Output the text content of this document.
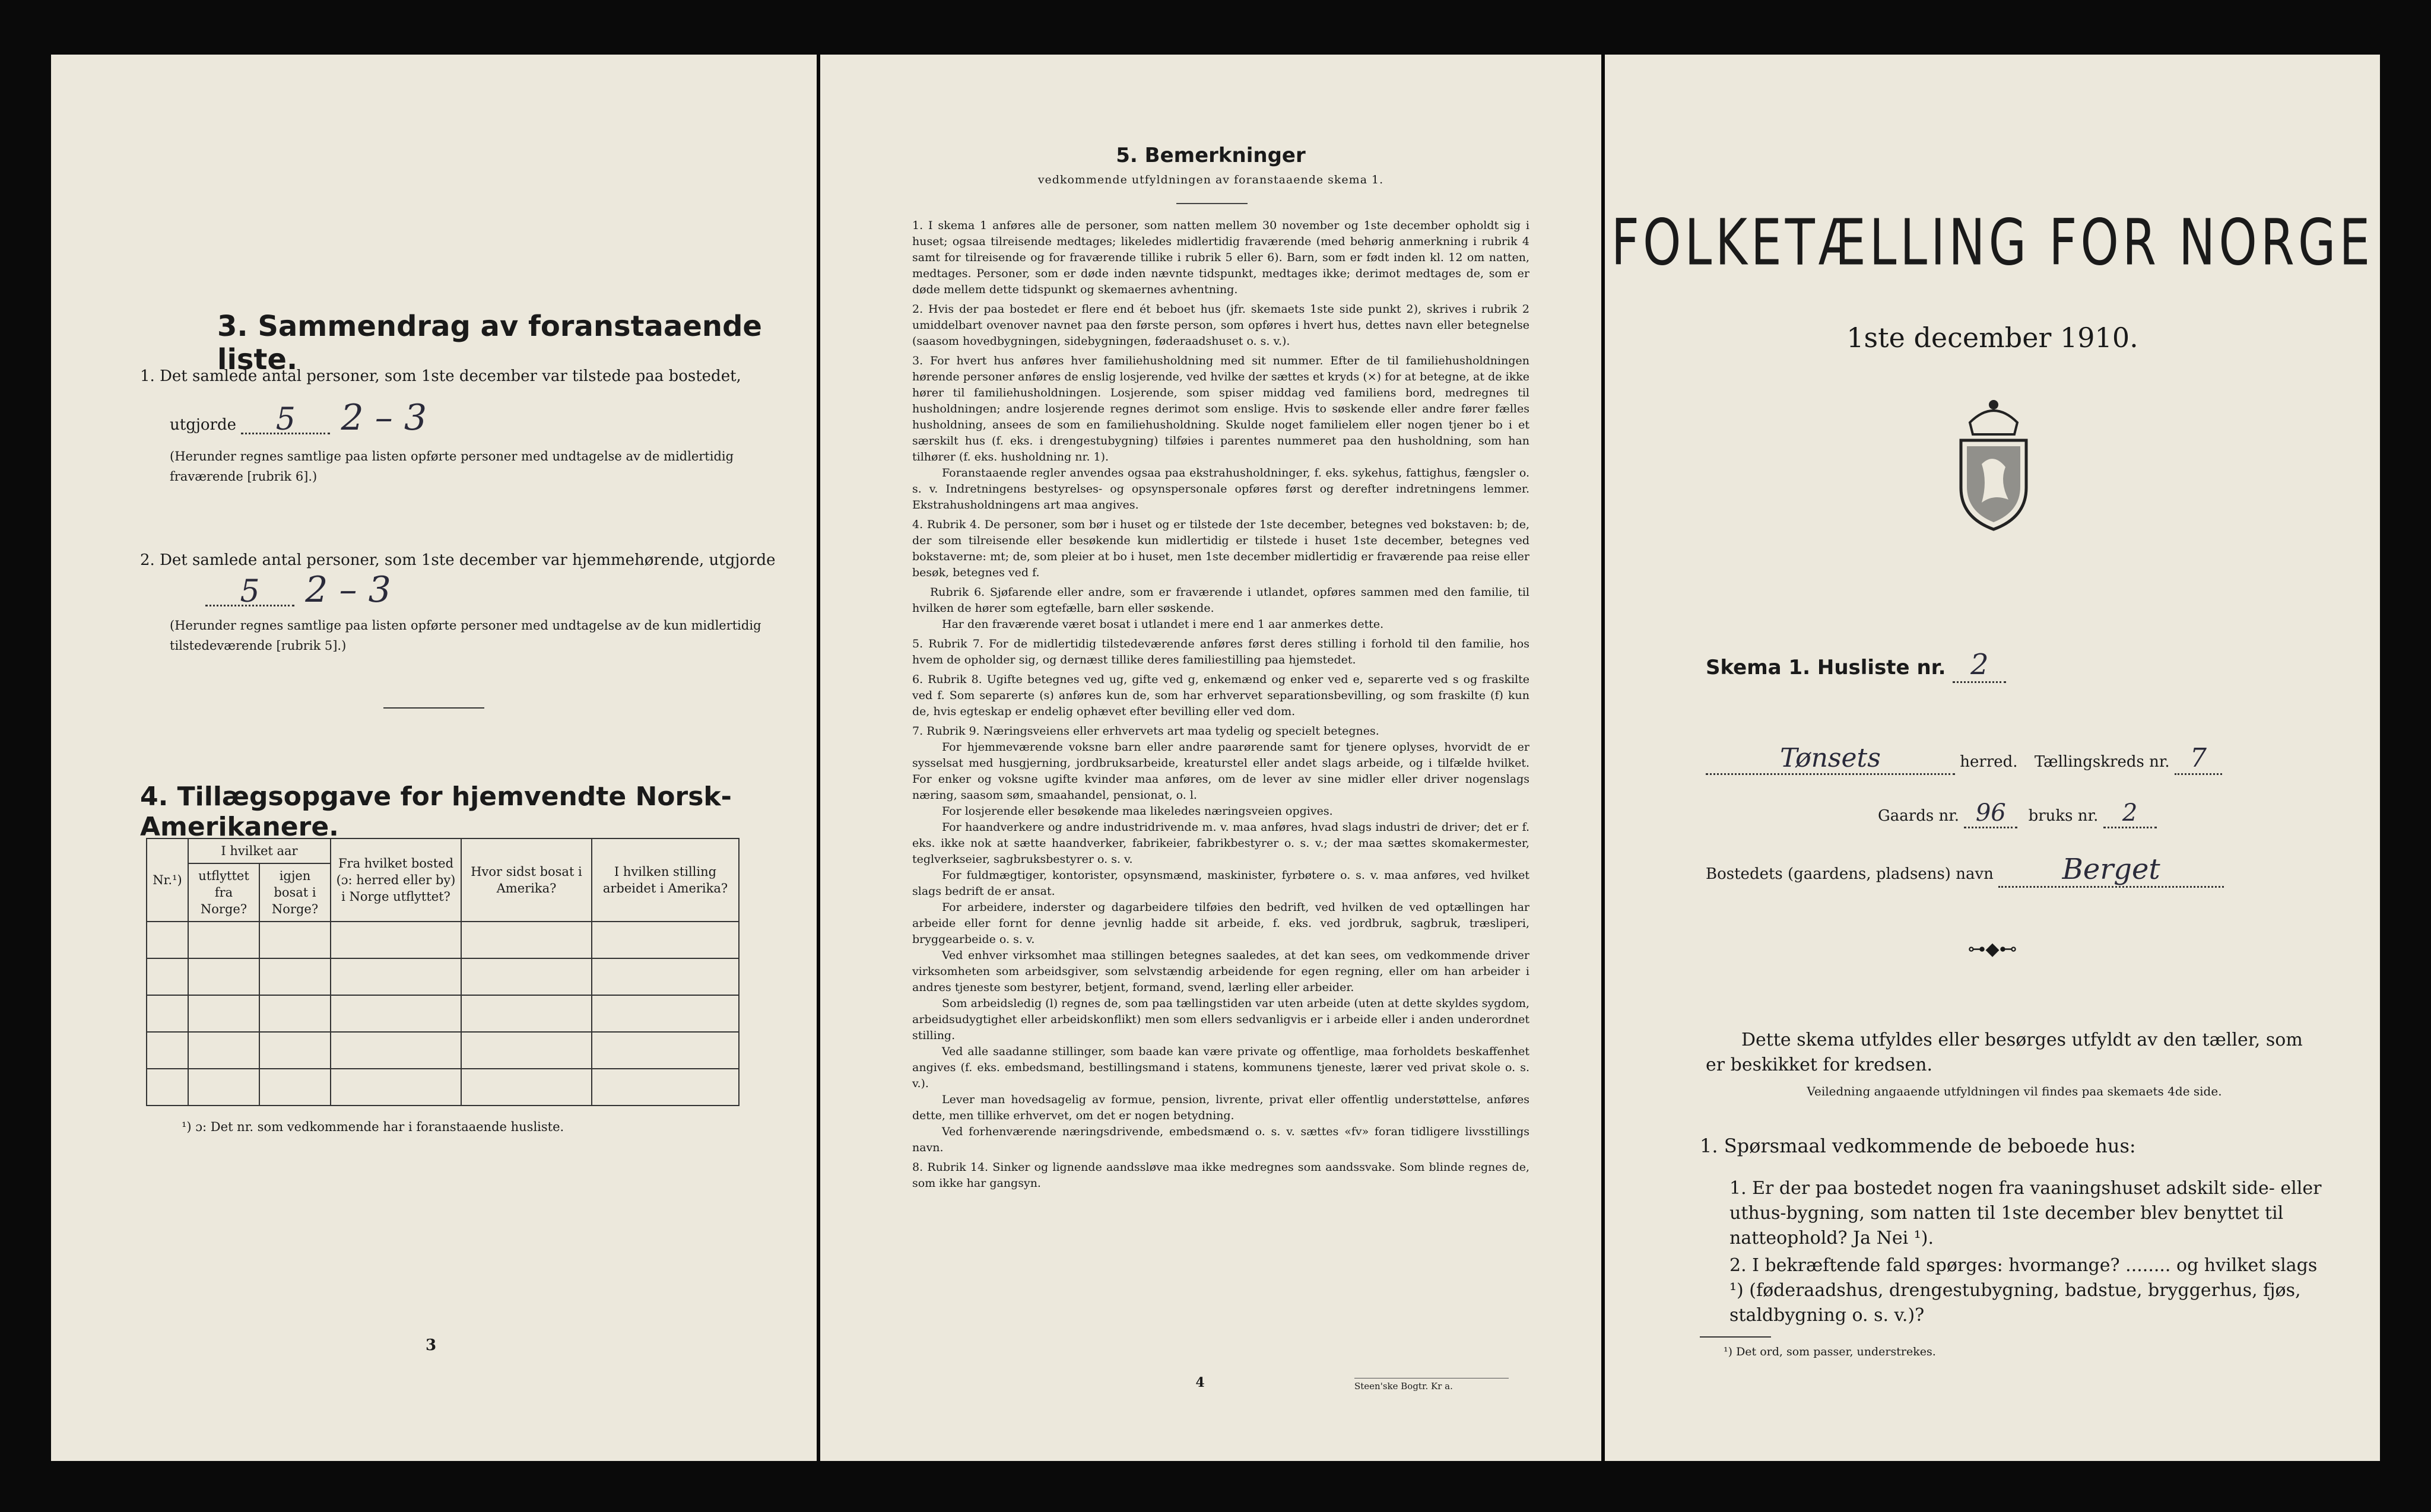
3. Sammendrag av foranstaaende liste.
1. Det samlede antal personer, som 1ste december var tilstede paa bostedet,
utgjorde 5 2 – 3
(Herunder regnes samtlige paa listen opførte personer med undtagelse av de midlertidig fraværende [rubrik 6].)
2. Det samlede antal personer, som 1ste december var hjemmehørende, utgjorde
5 2 – 3
(Herunder regnes samtlige paa listen opførte personer med undtagelse av de kun midlertidig tilstedeværende [rubrik 5].)
4. Tillægsopgave for hjemvendte Norsk-Amerikanere.
Nr.¹)	I hvilket aar		Fra hvilket bosted (ɔ: herred eller by) i Norge utflyttet?	Hvor sidst bosat i Amerika?	I hvilken stilling arbeidet i Amerika?
	utflyttet fra Norge?	igjen bosat i Norge?			

¹) ɔ: Det nr. som vedkommende har i foranstaaende husliste.
3
5. Bemerkninger
vedkommende utfyldningen av foranstaaende skema 1.

1. I skema 1 anføres alle de personer, som natten mellem 30 november og 1ste december opholdt sig i huset; ogsaa tilreisende medtages; likeledes midlertidig fraværende (med behørig anmerkning i rubrik 4 samt for tilreisende og for fraværende tillike i rubrik 5 eller 6). Barn, som er født inden kl. 12 om natten, medtages. Personer, som er døde inden nævnte tidspunkt, medtages ikke; derimot medtages de, som er døde mellem dette tidspunkt og skemaernes avhentning.

2. Hvis der paa bostedet er flere end ét beboet hus (jfr. skemaets 1ste side punkt 2), skrives i rubrik 2 umiddelbart ovenover navnet paa den første person, som opføres i hvert hus, dettes navn eller betegnelse (saasom hovedbygningen, sidebygningen, føderaadshuset o. s. v.).

3. For hvert hus anføres hver familiehusholdning med sit nummer. Efter de til familiehusholdningen hørende personer anføres de enslig losjerende, ved hvilke der sættes et kryds (×) for at betegne, at de ikke hører til familiehusholdningen. Losjerende, som spiser middag ved familiens bord, medregnes til husholdningen; andre losjerende regnes derimot som enslige. Hvis to søskende eller andre fører fælles husholdning, ansees de som en familiehusholdning. Skulde noget familielem eller nogen tjener bo i et særskilt hus (f. eks. i drengestubygning) tilføies i parentes nummeret paa den husholdning, som han tilhører (f. eks. husholdning nr. 1).

Foranstaaende regler anvendes ogsaa paa ekstrahusholdninger, f. eks. sykehus, fattighus, fængsler o. s. v. Indretningens bestyrelses- og opsynspersonale opføres først og derefter indretningens lemmer. Ekstrahusholdningens art maa angives.

4. Rubrik 4. De personer, som bør i huset og er tilstede der 1ste december, betegnes ved bokstaven: b; de, der som tilreisende eller besøkende kun midlertidig er tilstede i huset 1ste december, betegnes ved bokstaverne: mt; de, som pleier at bo i huset, men 1ste december midlertidig er fraværende paa reise eller besøk, betegnes ved f.

Rubrik 6. Sjøfarende eller andre, som er fraværende i utlandet, opføres sammen med den familie, til hvilken de hører som egtefælle, barn eller søskende.

Har den fraværende været bosat i utlandet i mere end 1 aar anmerkes dette.

5. Rubrik 7. For de midlertidig tilstedeværende anføres først deres stilling i forhold til den familie, hos hvem de opholder sig, og dernæst tillike deres familiestilling paa hjemstedet.

6. Rubrik 8. Ugifte betegnes ved ug, gifte ved g, enkemænd og enker ved e, separerte ved s og fraskilte ved f. Som separerte (s) anføres kun de, som har erhvervet separationsbevilling, og som fraskilte (f) kun de, hvis egteskap er endelig ophævet efter bevilling eller ved dom.

7. Rubrik 9. Næringsveiens eller erhvervets art maa tydelig og specielt betegnes.

For hjemmeværende voksne barn eller andre paarørende samt for tjenere oplyses, hvorvidt de er sysselsat med husgjerning, jordbruksarbeide, kreaturstel eller andet slags arbeide, og i tilfælde hvilket. For enker og voksne ugifte kvinder maa anføres, om de lever av sine midler eller driver nogenslags næring, saasom søm, smaahandel, pensionat, o. l.

For losjerende eller besøkende maa likeledes næringsveien opgives.

For haandverkere og andre industridrivende m. v. maa anføres, hvad slags industri de driver; det er f. eks. ikke nok at sætte haandverker, fabrikeier, fabrikbestyrer o. s. v.; der maa sættes skomakermester, teglverkseier, sagbruksbestyrer o. s. v.

For fuldmægtiger, kontorister, opsynsmænd, maskinister, fyrbøtere o. s. v. maa anføres, ved hvilket slags bedrift de er ansat.

For arbeidere, inderster og dagarbeidere tilføies den bedrift, ved hvilken de ved optællingen har arbeide eller fornt for denne jevnlig hadde sit arbeide, f. eks. ved jordbruk, sagbruk, træsliperi, bryggearbeide o. s. v.

Ved enhver virksomhet maa stillingen betegnes saaledes, at det kan sees, om vedkommende driver virksomheten som arbeidsgiver, som selvstændig arbeidende for egen regning, eller om han arbeider i andres tjeneste som bestyrer, betjent, formand, svend, lærling eller arbeider.

Som arbeidsledig (l) regnes de, som paa tællingstiden var uten arbeide (uten at dette skyldes sygdom, arbeidsudygtighet eller arbeidskonflikt) men som ellers sedvanligvis er i arbeide eller i anden underordnet stilling.

Ved alle saadanne stillinger, som baade kan være private og offentlige, maa forholdets beskaffenhet angives (f. eks. embedsmand, bestillingsmand i statens, kommunens tjeneste, lærer ved privat skole o. s. v.).

Lever man hovedsagelig av formue, pension, livrente, privat eller offentlig understøttelse, anføres dette, men tillike erhvervet, om det er nogen betydning.

Ved forhenværende næringsdrivende, embedsmænd o. s. v. sættes «fv» foran tidligere livsstillings navn.

8. Rubrik 14. Sinker og lignende aandssløve maa ikke medregnes som aandssvake. Som blinde regnes de, som ikke har gangsyn.

4	Steen'ske Bogtr. Kr a.
FOLKETÆLLING FOR NORGE
1ste december 1910.
Skema 1. Husliste nr. 2
Tønsets	herred. Tællingskreds nr. 7
Gaards nr. 96 bruks nr. 2
Bostedets (gaardens, pladsens) navn Berget
⊶◆⊷
Dette skema utfyldes eller besørges utfyldt av den tæller, som er beskikket for kredsen.
Veiledning angaaende utfyldningen vil findes paa skemaets 4de side.
1. Spørsmaal vedkommende de beboede hus:
1. Er der paa bostedet nogen fra vaaningshuset adskilt side- eller uthus-bygning, som natten til 1ste december blev benyttet til natteophold? Ja Nei ¹).
2. I bekræftende fald spørges: hvormange? ........ og hvilket slags ¹) (føderaadshus, drengestubygning, badstue, bryggerhus, fjøs, staldbygning o. s. v.)?
¹) Det ord, som passer, understrekes.
